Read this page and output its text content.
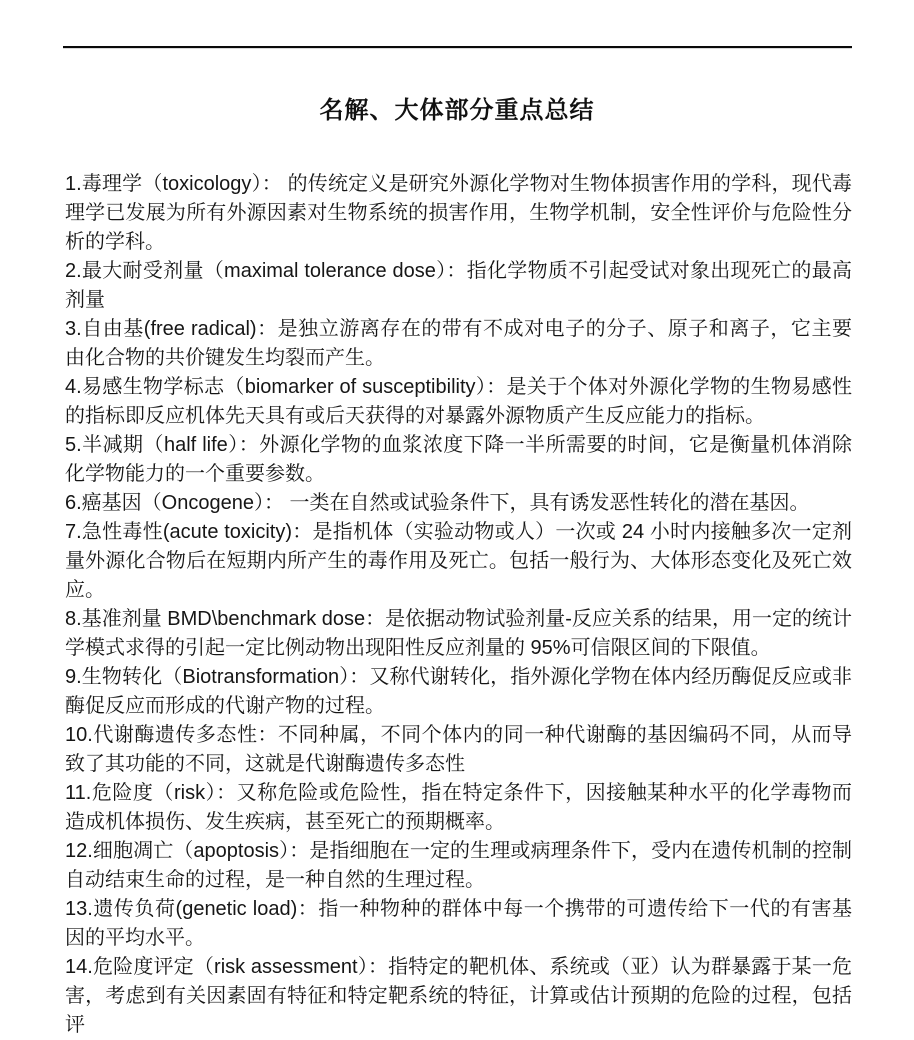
名解、大体部分重点总结

1.毒理学（toxicology）： 的传统定义是研究外源化学物对生物体损害作用的学科，现代毒理学已发展为所有外源因素对生物系统的损害作用，生物学机制，安全性评价与危险性分析的学科。

2.最大耐受剂量（maximal tolerance dose）：指化学物质不引起受试对象出现死亡的最高剂量

3.自由基(free radical)：是独立游离存在的带有不成对电子的分子、原子和离子，它主要由化合物的共价键发生均裂而产生。

4.易感生物学标志（biomarker of susceptibility）：是关于个体对外源化学物的生物易感性的指标即反应机体先天具有或后天获得的对暴露外源物质产生反应能力的指标。

5.半减期（half life）：外源化学物的血浆浓度下降一半所需要的时间，它是衡量机体消除化学物能力的一个重要参数。

6.癌基因（Oncogene）： 一类在自然或试验条件下，具有诱发恶性转化的潜在基因。

7.急性毒性(acute toxicity)：是指机体（实验动物或人）一次或 24 小时内接触多次一定剂量外源化合物后在短期内所产生的毒作用及死亡。包括一般行为、大体形态变化及死亡效应。

8.基准剂量 BMD\benchmark dose：是依据动物试验剂量-反应关系的结果，用一定的统计学模式求得的引起一定比例动物出现阳性反应剂量的 95%可信限区间的下限值。

9.生物转化（Biotransformation）：又称代谢转化，指外源化学物在体内经历酶促反应或非酶促反应而形成的代谢产物的过程。

10.代谢酶遗传多态性：不同种属，不同个体内的同一种代谢酶的基因编码不同，从而导致了其功能的不同，这就是代谢酶遗传多态性

11.危险度（risk）：又称危险或危险性，指在特定条件下，因接触某种水平的化学毒物而造成机体损伤、发生疾病，甚至死亡的预期概率。

12.细胞凋亡（apoptosis）：是指细胞在一定的生理或病理条件下，受内在遗传机制的控制自动结束生命的过程，是一种自然的生理过程。

13.遗传负荷(genetic load)：指一种物种的群体中每一个携带的可遗传给下一代的有害基因的平均水平。

14.危险度评定（risk assessment）：指特定的靶机体、系统或（亚）认为群暴露于某一危害，考虑到有关因素固有特征和特定靶系统的特征，计算或估计预期的危险的过程，包括评
